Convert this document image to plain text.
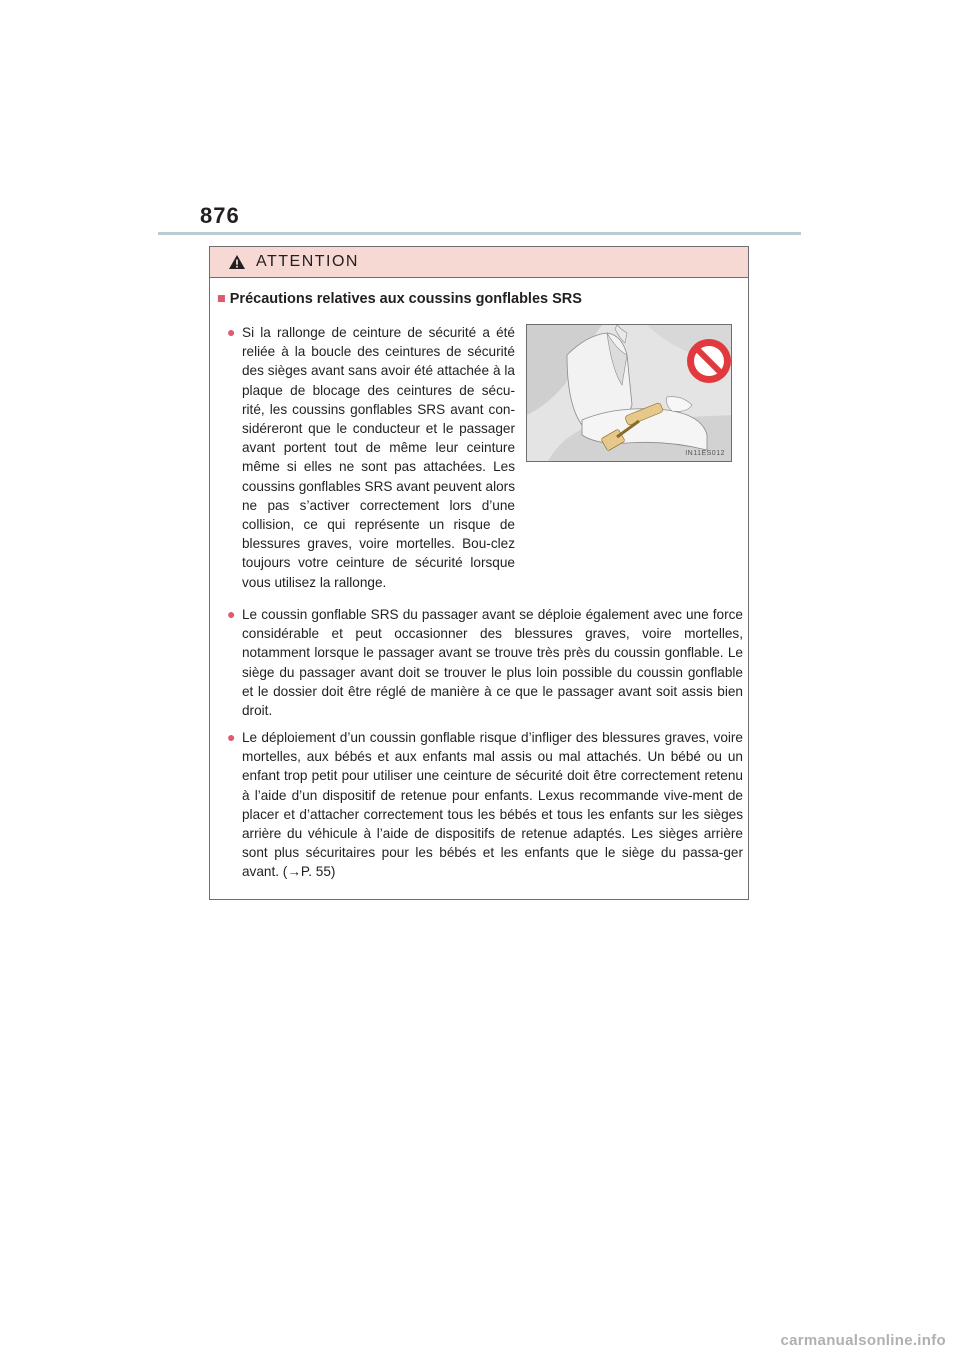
876
ATTENTION
■ Précautions relatives aux coussins gonflables SRS
● Si la rallonge de ceinture de sécurité a été reliée à la boucle des ceintures de sécurité des sièges avant sans avoir été attachée à la plaque de blocage des ceintures de sécu-rité, les coussins gonflables SRS avant con-sidéreront que le conducteur et le passager avant portent tout de même leur ceinture même si elles ne sont pas attachées. Les coussins gonflables SRS avant peuvent alors ne pas s’activer correctement lors d’une collision, ce qui représente un risque de blessures graves, voire mortelles. Bou-clez toujours votre ceinture de sécurité lorsque vous utilisez la rallonge.

IN11ES012
● Le coussin gonflable SRS du passager avant se déploie également avec une force considérable et peut occasionner des blessures graves, voire mortelles, notamment lorsque le passager avant se trouve très près du coussin gonflable. Le siège du passager avant doit se trouver le plus loin possible du coussin gonflable et le dossier doit être réglé de manière à ce que le passager avant soit assis bien droit.

● Le déploiement d’un coussin gonflable risque d’infliger des blessures graves, voire mortelles, aux bébés et aux enfants mal assis ou mal attachés. Un bébé ou un enfant trop petit pour utiliser une ceinture de sécurité doit être correctement retenu à l’aide d’un dispositif de retenue pour enfants. Lexus recommande vive-ment de placer et d’attacher correctement tous les bébés et tous les enfants sur les sièges arrière du véhicule à l’aide de dispositifs de retenue adaptés. Les sièges arrière sont plus sécuritaires pour les bébés et les enfants que le siège du passa-ger avant. (→P. 55)

carmanualsonline.info
